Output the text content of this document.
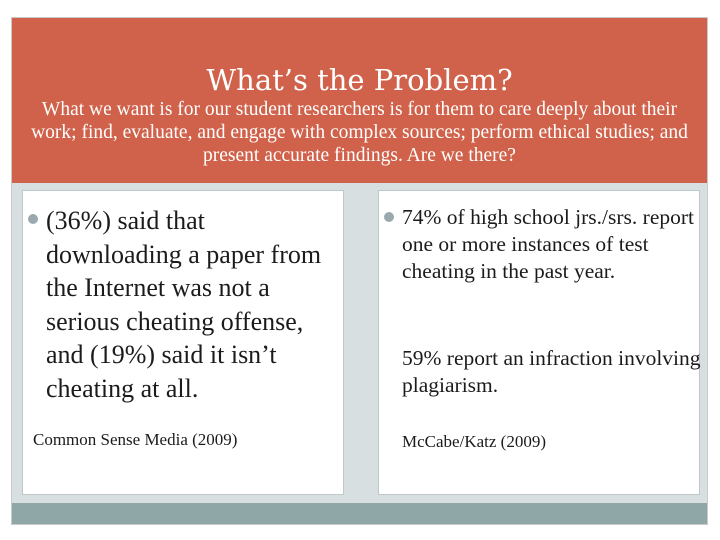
What’s the Problem?
What we want is for our student researchers is for them to care deeply about their work; find, evaluate, and engage with complex sources; perform ethical studies; and present accurate findings. Are we there?
(36%) said that downloading a paper from the Internet was not a serious cheating offense, and (19%) said it isn’t cheating at all.
Common Sense Media (2009)
74% of high school jrs./srs. report one or more instances of test cheating in the past year.
59% report an infraction involving plagiarism.
McCabe/Katz (2009)
